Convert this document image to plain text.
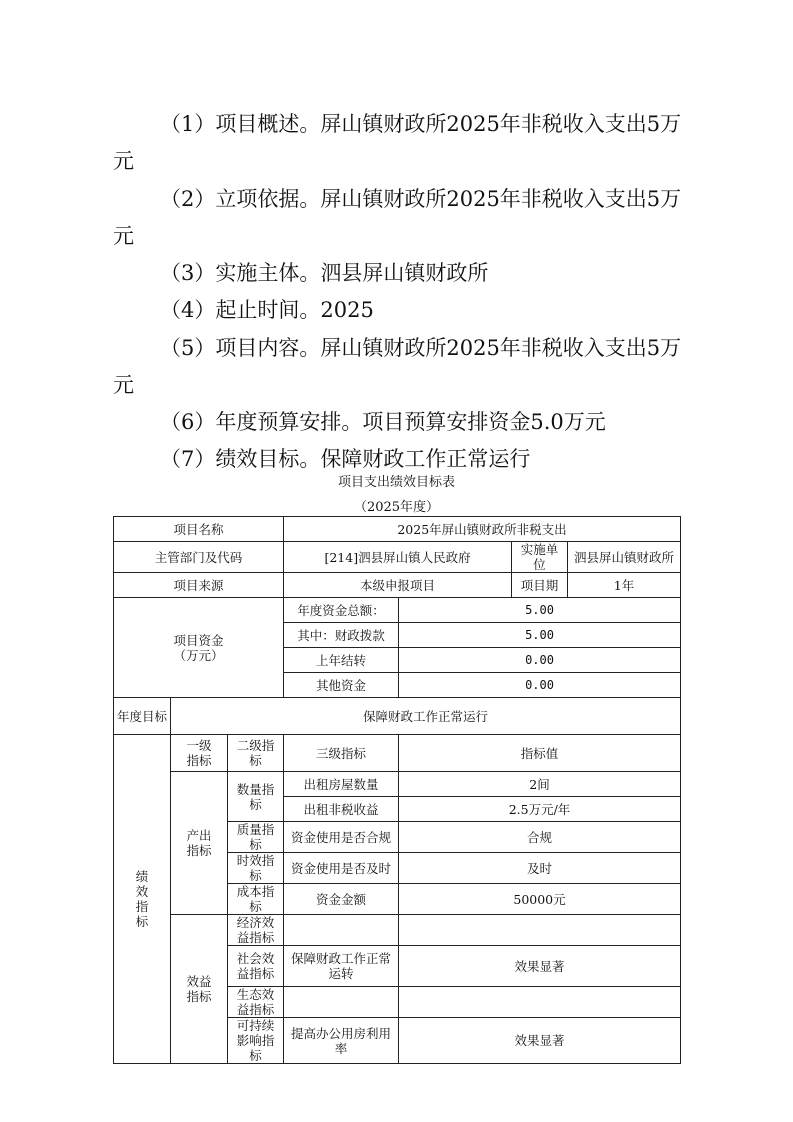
（1）项目概述。屏山镇财政所2025年非税收入支出5万
元
（2）立项依据。屏山镇财政所2025年非税收入支出5万
元
（3）实施主体。泗县屏山镇财政所
（4）起止时间。2025
（5）项目内容。屏山镇财政所2025年非税收入支出5万
元
（6）年度预算安排。项目预算安排资金5.0万元
（7）绩效目标。保障财政工作正常运行
项目支出绩效目标表
（2025年度）
项目名称			2025年屏山镇财政所非税支出			
主管部门及代码			[214]泗县屏山镇人民政府		实施单位	泗县屏山镇财政所
项目来源			本级申报项目		项目期	1年

项目资金
（万元）			年度资金总额：	5.00		
			其中：财政拨款	5.00		
			上年结转	0.00		
			其他资金	0.00		
年度目标	保障财政工作正常运行					

绩效指标	一级指标	二级指标	三级指标	指标值		

	产出指标	数量指标	出租房屋数量	2间		
			出租非税收益	2.5万元/年		
		质量指标	资金使用是否合规	合规		
		时效指标	资金使用是否及时	及时		
		成本指标	资金金额	50000元		

	效益指标	经济效益指标				
		社会效益指标	保障财政工作正常运转	效果显著		
		生态效益指标				
		可持续影响指标	提高办公用房利用率	效果显著		
